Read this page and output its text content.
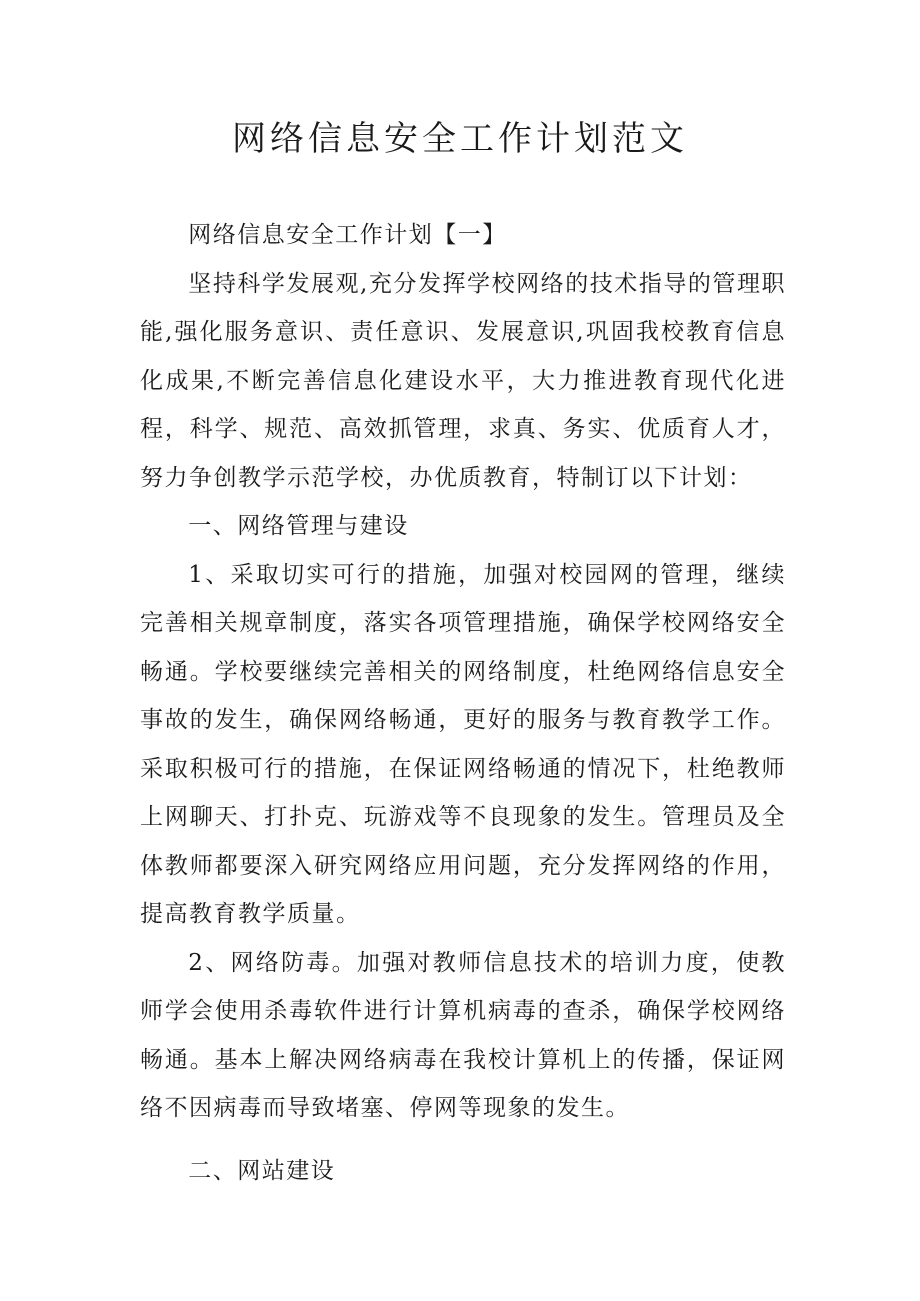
网络信息安全工作计划范文

网络信息安全工作计划【一】

坚持科学发展观,充分发挥学校网络的技术指导的管理职能,强化服务意识、责任意识、发展意识,巩固我校教育信息化成果,不断完善信息化建设水平，大力推进教育现代化进程，科学、规范、高效抓管理，求真、务实、优质育人才，努力争创教学示范学校，办优质教育，特制订以下计划：

一、网络管理与建设

1、采取切实可行的措施，加强对校园网的管理，继续完善相关规章制度，落实各项管理措施，确保学校网络安全畅通。学校要继续完善相关的网络制度，杜绝网络信息安全事故的发生，确保网络畅通，更好的服务与教育教学工作。采取积极可行的措施，在保证网络畅通的情况下，杜绝教师上网聊天、打扑克、玩游戏等不良现象的发生。管理员及全体教师都要深入研究网络应用问题，充分发挥网络的作用，提高教育教学质量。

2、网络防毒。加强对教师信息技术的培训力度，使教师学会使用杀毒软件进行计算机病毒的查杀，确保学校网络畅通。基本上解决网络病毒在我校计算机上的传播，保证网络不因病毒而导致堵塞、停网等现象的发生。

二、网站建设
